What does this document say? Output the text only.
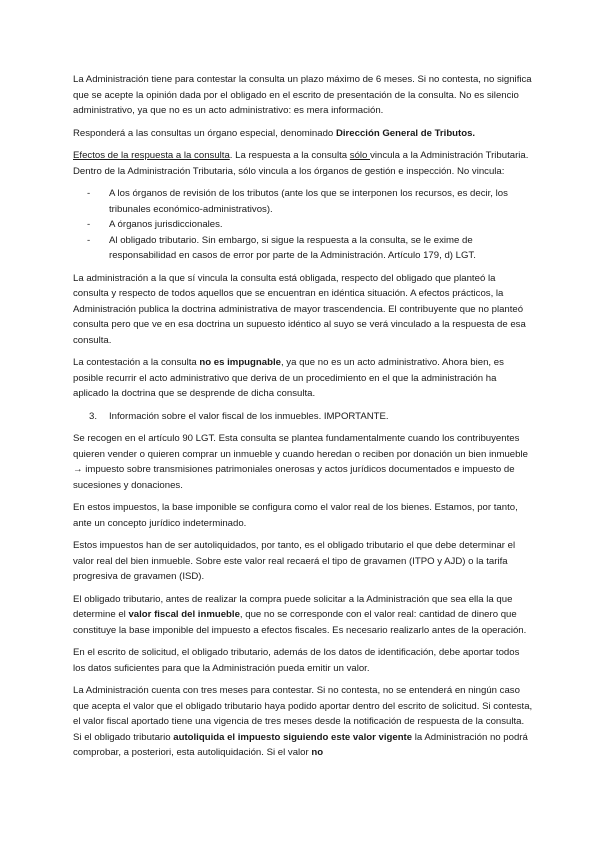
La Administración tiene para contestar la consulta un plazo máximo de 6 meses. Si no contesta, no significa que se acepte la opinión dada por el obligado en el escrito de presentación de la consulta. No es silencio administrativo, ya que no es un acto administrativo: es mera información.

Responderá a las consultas un órgano especial, denominado Dirección General de Tributos.

Efectos de la respuesta a la consulta. La respuesta a la consulta sólo vincula a la Administración Tributaria. Dentro de la Administración Tributaria, sólo vincula a los órganos de gestión e inspección. No vincula:

- A los órganos de revisión de los tributos (ante los que se interponen los recursos, es decir, los tribunales económico-administrativos).
- A órganos jurisdiccionales.
- Al obligado tributario. Sin embargo, si sigue la respuesta a la consulta, se le exime de responsabilidad en casos de error por parte de la Administración. Artículo 179, d) LGT.

La administración a la que sí vincula la consulta está obligada, respecto del obligado que planteó la consulta y respecto de todos aquellos que se encuentran en idéntica situación. A efectos prácticos, la Administración publica la doctrina administrativa de mayor trascendencia. El contribuyente que no planteó consulta pero que ve en esa doctrina un supuesto idéntico al suyo se verá vinculado a la respuesta de esa consulta.

La contestación a la consulta no es impugnable, ya que no es un acto administrativo. Ahora bien, es posible recurrir el acto administrativo que deriva de un procedimiento en el que la administración ha aplicado la doctrina que se desprende de dicha consulta.

3. Información sobre el valor fiscal de los inmuebles. IMPORTANTE.

Se recogen en el artículo 90 LGT. Esta consulta se plantea fundamentalmente cuando los contribuyentes quieren vender o quieren comprar un inmueble y cuando heredan o reciben por donación un bien inmueble → impuesto sobre transmisiones patrimoniales onerosas y actos jurídicos documentados e impuesto de sucesiones y donaciones.

En estos impuestos, la base imponible se configura como el valor real de los bienes. Estamos, por tanto, ante un concepto jurídico indeterminado.

Estos impuestos han de ser autoliquidados, por tanto, es el obligado tributario el que debe determinar el valor real del bien inmueble. Sobre este valor real recaerá el tipo de gravamen (ITPO y AJD) o la tarifa progresiva de gravamen (ISD).

El obligado tributario, antes de realizar la compra puede solicitar a la Administración que sea ella la que determine el valor fiscal del inmueble, que no se corresponde con el valor real: cantidad de dinero que constituye la base imponible del impuesto a efectos fiscales. Es necesario realizarlo antes de la operación.

En el escrito de solicitud, el obligado tributario, además de los datos de identificación, debe aportar todos los datos suficientes para que la Administración pueda emitir un valor.

La Administración cuenta con tres meses para contestar. Si no contesta, no se entenderá en ningún caso que acepta el valor que el obligado tributario haya podido aportar dentro del escrito de solicitud. Si contesta, el valor fiscal aportado tiene una vigencia de tres meses desde la notificación de respuesta de la consulta. Si el obligado tributario autoliquida el impuesto siguiendo este valor vigente la Administración no podrá comprobar, a posteriori, esta autoliquidación. Si el valor no
